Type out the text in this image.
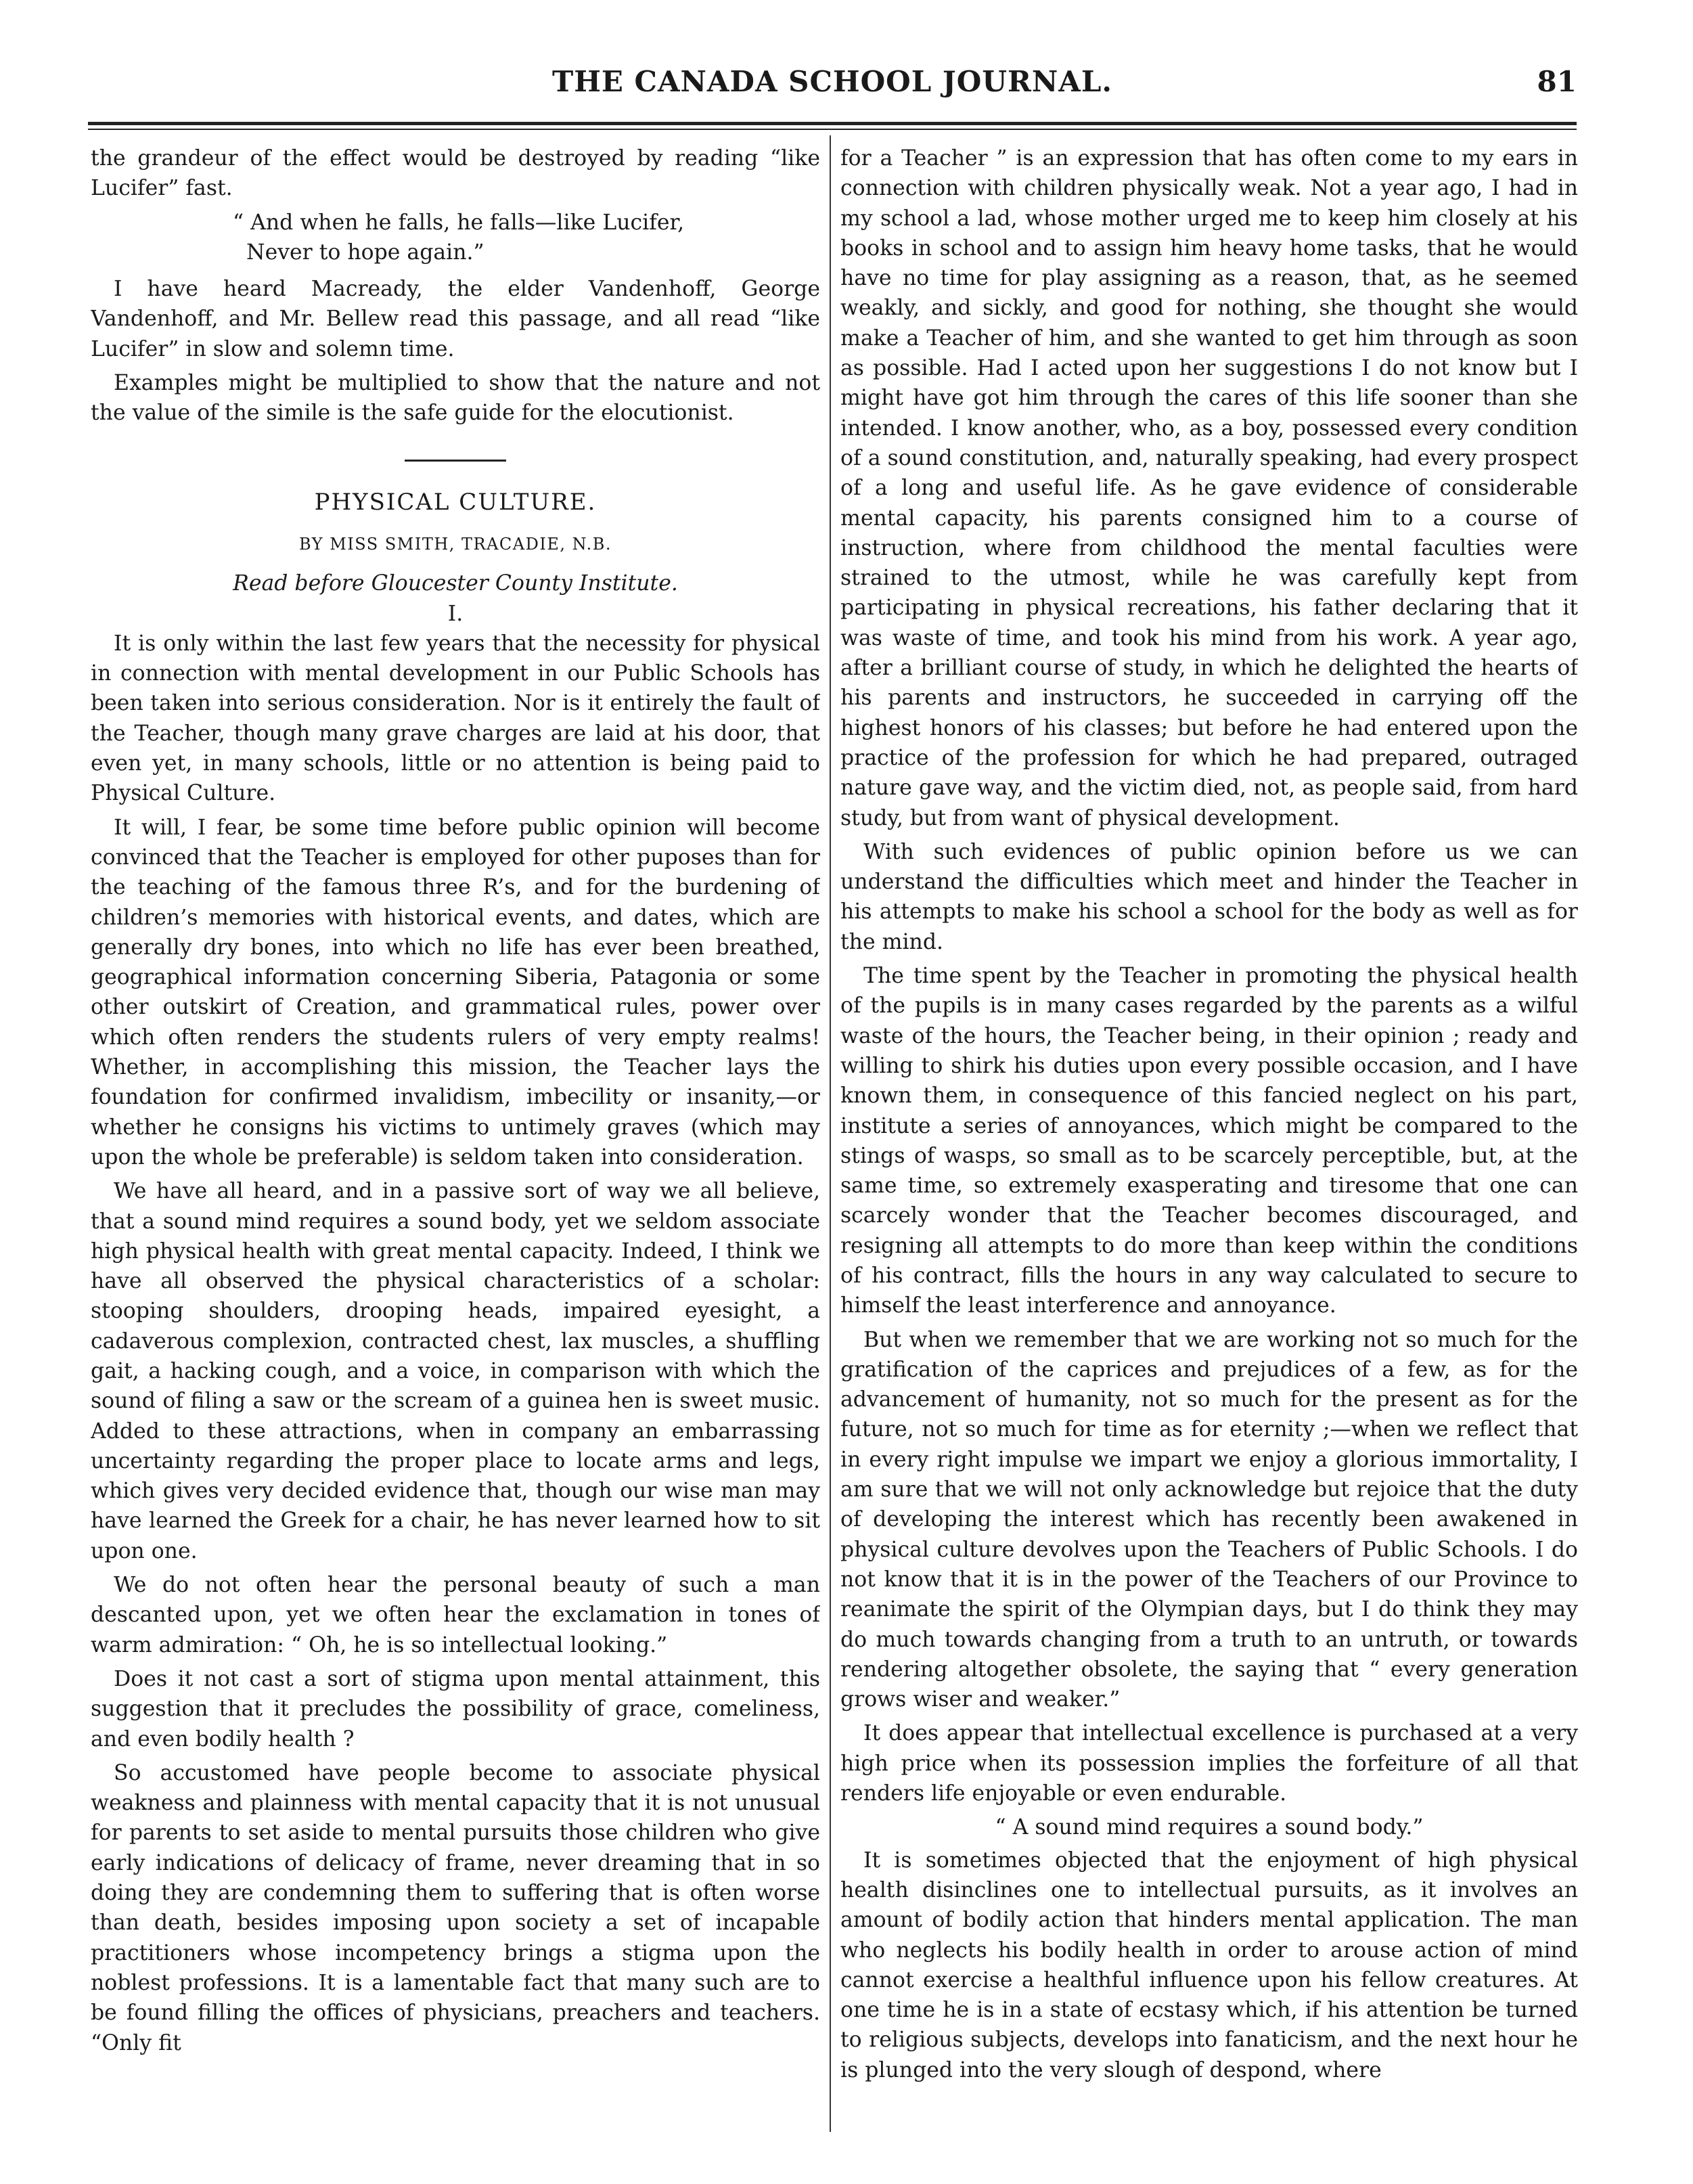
THE CANADA SCHOOL JOURNAL.	81

the grandeur of the effect would be destroyed by reading “like Lucifer” fast.

“ And when he falls, he falls—like Lucifer,
Never to hope again.”

I have heard Macready, the elder Vandenhoff, George Vandenhoff, and Mr. Bellew read this passage, and all read “like Lucifer” in slow and solemn time.

Examples might be multiplied to show that the nature and not the value of the simile is the safe guide for the elocutionist.

PHYSICAL CULTURE.
BY MISS SMITH, TRACADIE, N.B.
Read before Gloucester County Institute.
I.

It is only within the last few years that the necessity for physical in connection with mental development in our Public Schools has been taken into serious consideration. Nor is it entirely the fault of the Teacher, though many grave charges are laid at his door, that even yet, in many schools, little or no attention is being paid to Physical Culture.

It will, I fear, be some time before public opinion will become convinced that the Teacher is employed for other puposes than for the teaching of the famous three R’s, and for the burdening of children’s memories with historical events, and dates, which are generally dry bones, into which no life has ever been breathed, geographical information concerning Siberia, Patagonia or some other outskirt of Creation, and grammatical rules, power over which often renders the students rulers of very empty realms! Whether, in accomplishing this mission, the Teacher lays the foundation for confirmed invalidism, imbecility or insanity,—or whether he consigns his victims to untimely graves (which may upon the whole be preferable) is seldom taken into consideration.

We have all heard, and in a passive sort of way we all believe, that a sound mind requires a sound body, yet we seldom associate high physical health with great mental capacity. Indeed, I think we have all observed the physical characteristics of a scholar: stooping shoulders, drooping heads, impaired eyesight, a cadaverous complexion, contracted chest, lax muscles, a shuffling gait, a hacking cough, and a voice, in comparison with which the sound of filing a saw or the scream of a guinea hen is sweet music. Added to these attractions, when in company an embarrassing uncertainty regarding the proper place to locate arms and legs, which gives very decided evidence that, though our wise man may have learned the Greek for a chair, he has never learned how to sit upon one.

We do not often hear the personal beauty of such a man descanted upon, yet we often hear the exclamation in tones of warm admiration: “ Oh, he is so intellectual looking.”

Does it not cast a sort of stigma upon mental attainment, this suggestion that it precludes the possibility of grace, comeliness, and even bodily health ?

So accustomed have people become to associate physical weakness and plainness with mental capacity that it is not unusual for parents to set aside to mental pursuits those children who give early indications of delicacy of frame, never dreaming that in so doing they are condemning them to suffering that is often worse than death, besides imposing upon society a set of incapable practitioners whose incompetency brings a stigma upon the noblest professions. It is a lamentable fact that many such are to be found filling the offices of physicians, preachers and teachers. “Only fit

for a Teacher ” is an expression that has often come to my ears in connection with children physically weak. Not a year ago, I had in my school a lad, whose mother urged me to keep him closely at his books in school and to assign him heavy home tasks, that he would have no time for play assigning as a reason, that, as he seemed weakly, and sickly, and good for nothing, she thought she would make a Teacher of him, and she wanted to get him through as soon as possible. Had I acted upon her suggestions I do not know but I might have got him through the cares of this life sooner than she intended. I know another, who, as a boy, possessed every condition of a sound constitution, and, naturally speaking, had every prospect of a long and useful life. As he gave evidence of considerable mental capacity, his parents consigned him to a course of instruction, where from childhood the mental faculties were strained to the utmost, while he was carefully kept from participating in physical recreations, his father declaring that it was waste of time, and took his mind from his work. A year ago, after a brilliant course of study, in which he delighted the hearts of his parents and instructors, he succeeded in carrying off the highest honors of his classes; but before he had entered upon the practice of the profession for which he had prepared, outraged nature gave way, and the victim died, not, as people said, from hard study, but from want of physical development.

With such evidences of public opinion before us we can understand the difficulties which meet and hinder the Teacher in his attempts to make his school a school for the body as well as for the mind.

The time spent by the Teacher in promoting the physical health of the pupils is in many cases regarded by the parents as a wilful waste of the hours, the Teacher being, in their opinion ; ready and willing to shirk his duties upon every possible occasion, and I have known them, in consequence of this fancied neglect on his part, institute a series of annoyances, which might be compared to the stings of wasps, so small as to be scarcely perceptible, but, at the same time, so extremely exasperating and tiresome that one can scarcely wonder that the Teacher becomes discouraged, and resigning all attempts to do more than keep within the conditions of his contract, fills the hours in any way calculated to secure to himself the least interference and annoyance.

But when we remember that we are working not so much for the gratification of the caprices and prejudices of a few, as for the advancement of humanity, not so much for the present as for the future, not so much for time as for eternity ;—when we reflect that in every right impulse we impart we enjoy a glorious immortality, I am sure that we will not only acknowledge but rejoice that the duty of developing the interest which has recently been awakened in physical culture devolves upon the Teachers of Public Schools. I do not know that it is in the power of the Teachers of our Province to reanimate the spirit of the Olympian days, but I do think they may do much towards changing from a truth to an untruth, or towards rendering altogether obsolete, the saying that “ every generation grows wiser and weaker.”

It does appear that intellectual excellence is purchased at a very high price when its possession implies the forfeiture of all that renders life enjoyable or even endurable.

“ A sound mind requires a sound body.”

It is sometimes objected that the enjoyment of high physical health disinclines one to intellectual pursuits, as it involves an amount of bodily action that hinders mental application. The man who neglects his bodily health in order to arouse action of mind cannot exercise a healthful influence upon his fellow creatures. At one time he is in a state of ecstasy which, if his attention be turned to religious subjects, develops into fanaticism, and the next hour he is plunged into the very slough of despond, where
